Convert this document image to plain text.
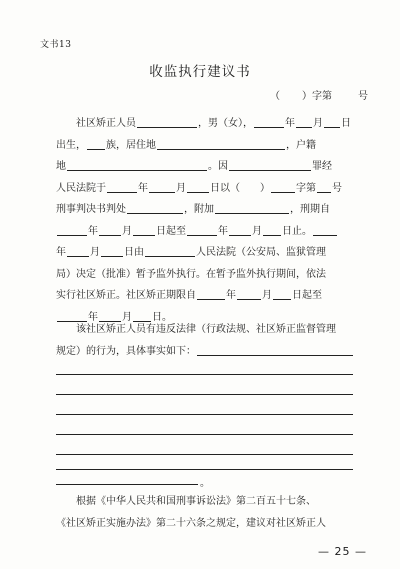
文书13
收监执行建议书
（ ）字第	号
社区矫正人员	，男（女），	年 月 日
出生， 族，居住地	，户籍
地	。因	罪经
人民法院于	年	月 日以（ ）	字第 号
刑事判决书判处	，附加	，刑期自
年 月 日起至	年 月 日止。
年 月 日由	人民法院（公安局、监狱管理
局）决定（批准）暂予监外执行。在暂予监外执行期间，依法
实行社区矫正。社区矫正期限自	年	月 日起至
年 月 日。
该社区矫正人员有违反法律（行政法规、社区矫正监督管理
规定）的行为，具体事实如下：
。
根据《中华人民共和国刑事诉讼法》第二百五十七条、
《社区矫正实施办法》第二十六条之规定，建议对社区矫正人
— 25 —
